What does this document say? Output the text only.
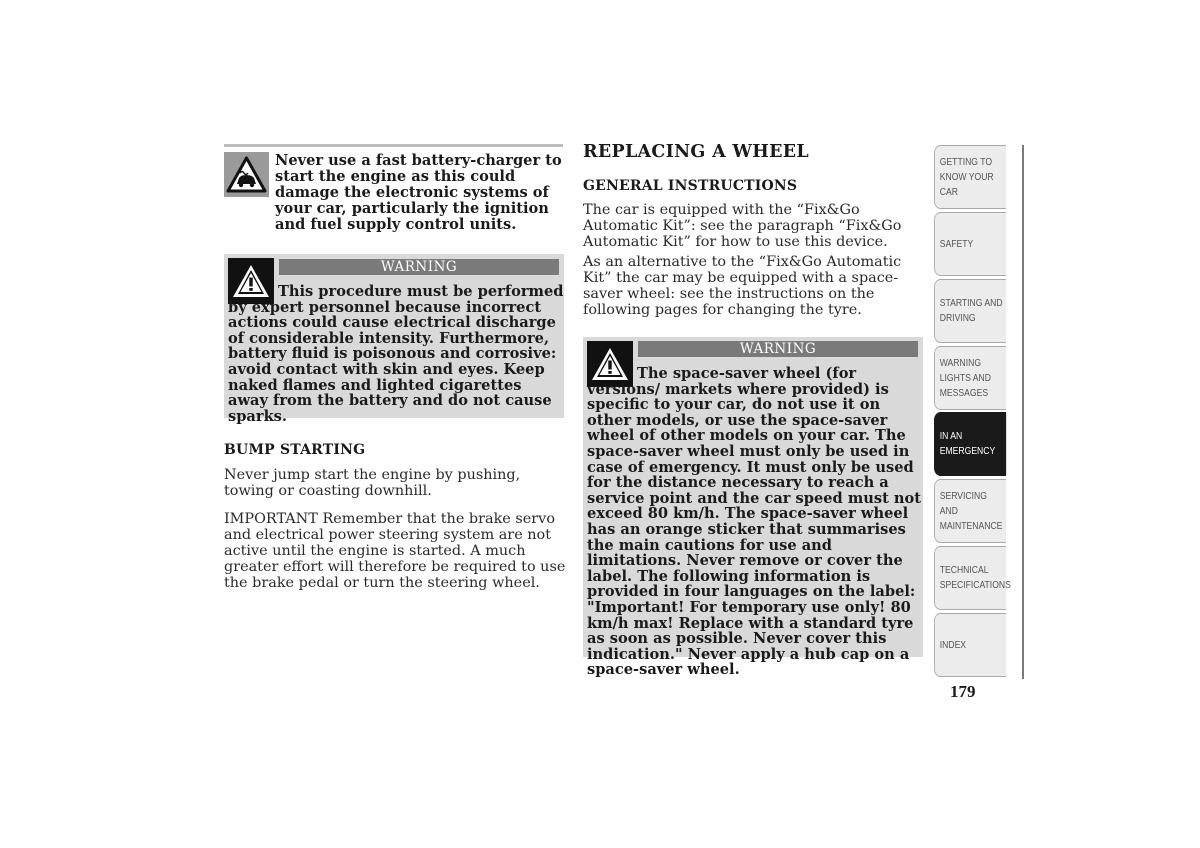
Never use a fast battery-charger to start the engine as this could damage the electronic systems of your car, particularly the ignition and fuel supply control units.
WARNING
This procedure must be performed by expert personnel because incorrect actions could cause electrical discharge of considerable intensity. Furthermore, battery fluid is poisonous and corrosive: avoid contact with skin and eyes. Keep naked flames and lighted cigarettes away from the battery and do not cause sparks.
BUMP STARTING
Never jump start the engine by pushing, towing or coasting downhill.
IMPORTANT Remember that the brake servo and electrical power steering system are not active until the engine is started. A much greater effort will therefore be required to use the brake pedal or turn the steering wheel.
REPLACING A WHEEL
GENERAL INSTRUCTIONS
The car is equipped with the “Fix&Go Automatic Kit”: see the paragraph “Fix&Go Automatic Kit” for how to use this device.
As an alternative to the “Fix&Go Automatic Kit” the car may be equipped with a space-saver wheel: see the instructions on the following pages for changing the tyre.
WARNING
The space-saver wheel (for versions/ markets where provided) is specific to your car, do not use it on other models, or use the space-saver wheel of other models on your car. The space-saver wheel must only be used in case of emergency. It must only be used for the distance necessary to reach a service point and the car speed must not exceed 80 km/h. The space-saver wheel has an orange sticker that summarises the main cautions for use and limitations. Never remove or cover the label. The following information is provided in four languages on the label: "Important! For temporary use only! 80 km/h max! Replace with a standard tyre as soon as possible. Never cover this indication." Never apply a hub cap on a space-saver wheel.
GETTING TO KNOW YOUR CAR
SAFETY
STARTING AND DRIVING
WARNING LIGHTS AND MESSAGES
IN AN EMERGENCY
SERVICING AND MAINTENANCE
TECHNICAL SPECIFICATIONS
INDEX
179
